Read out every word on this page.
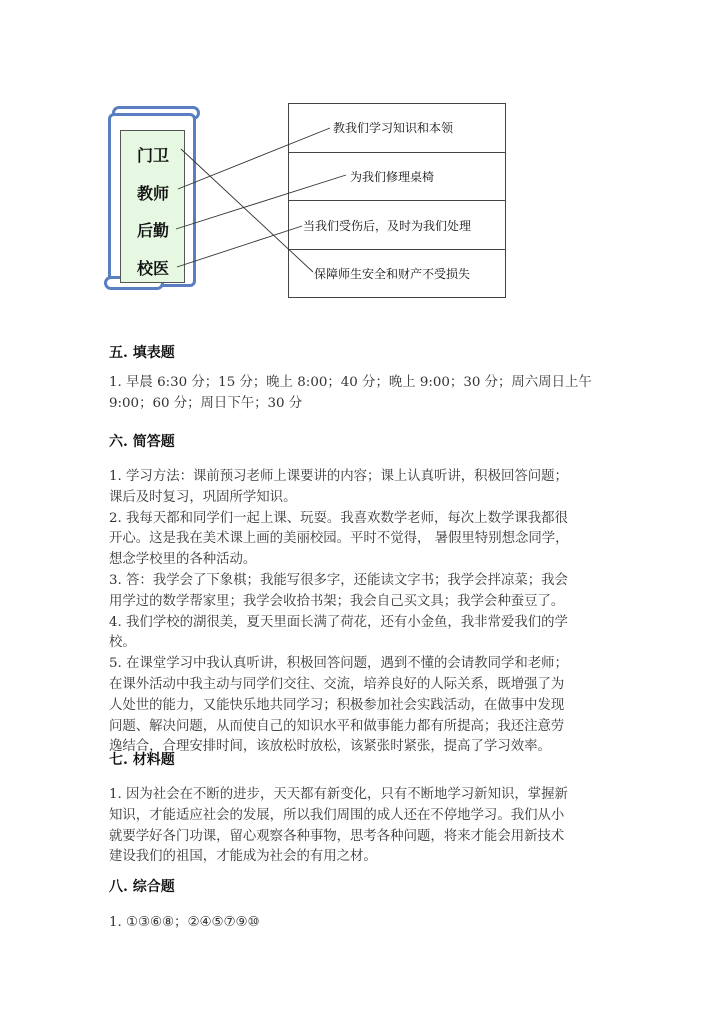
门卫
教师
后勤
校医
教我们学习知识和本领
为我们修理桌椅
当我们受伤后，及时为我们处理
保障师生安全和财产不受损失
五. 填表题
1. 早晨 6:30 分；15 分；晚上 8:00；40 分；晚上 9:00；30 分；周六周日上午
9:00；60 分；周日下午；30 分
六. 简答题
1. 学习方法：课前预习老师上课要讲的内容；课上认真听讲，积极回答问题；
课后及时复习，巩固所学知识。
2. 我每天都和同学们一起上课、玩耍。我喜欢数学老师，每次上数学课我都很
开心。这是我在美术课上画的美丽校园。平时不觉得， 暑假里特别想念同学，
想念学校里的各种活动。
3. 答：我学会了下象棋；我能写很多字，还能读文字书；我学会拌凉菜；我会
用学过的数学帮家里；我学会收拾书架；我会自己买文具；我学会种蚕豆了。
4. 我们学校的湖很美，夏天里面长满了荷花，还有小金鱼，我非常爱我们的学
校。
5. 在课堂学习中我认真听讲，积极回答问题，遇到不懂的会请教同学和老师；
在课外活动中我主动与同学们交往、交流，培养良好的人际关系，既增强了为
人处世的能力，又能快乐地共同学习；积极参加社会实践活动，在做事中发现
问题、解决问题，从而使自己的知识水平和做事能力都有所提高；我还注意劳
逸结合，合理安排时间，该放松时放松，该紧张时紧张，提高了学习效率。
七. 材料题
1. 因为社会在不断的进步，天天都有新变化，只有不断地学习新知识，掌握新
知识，才能适应社会的发展，所以我们周围的成人还在不停地学习。我们从小
就要学好各门功课，留心观察各种事物，思考各种问题，将来才能会用新技术
建设我们的祖国，才能成为社会的有用之材。
八. 综合题
1. ①③⑥⑧；②④⑤⑦⑨⑩
